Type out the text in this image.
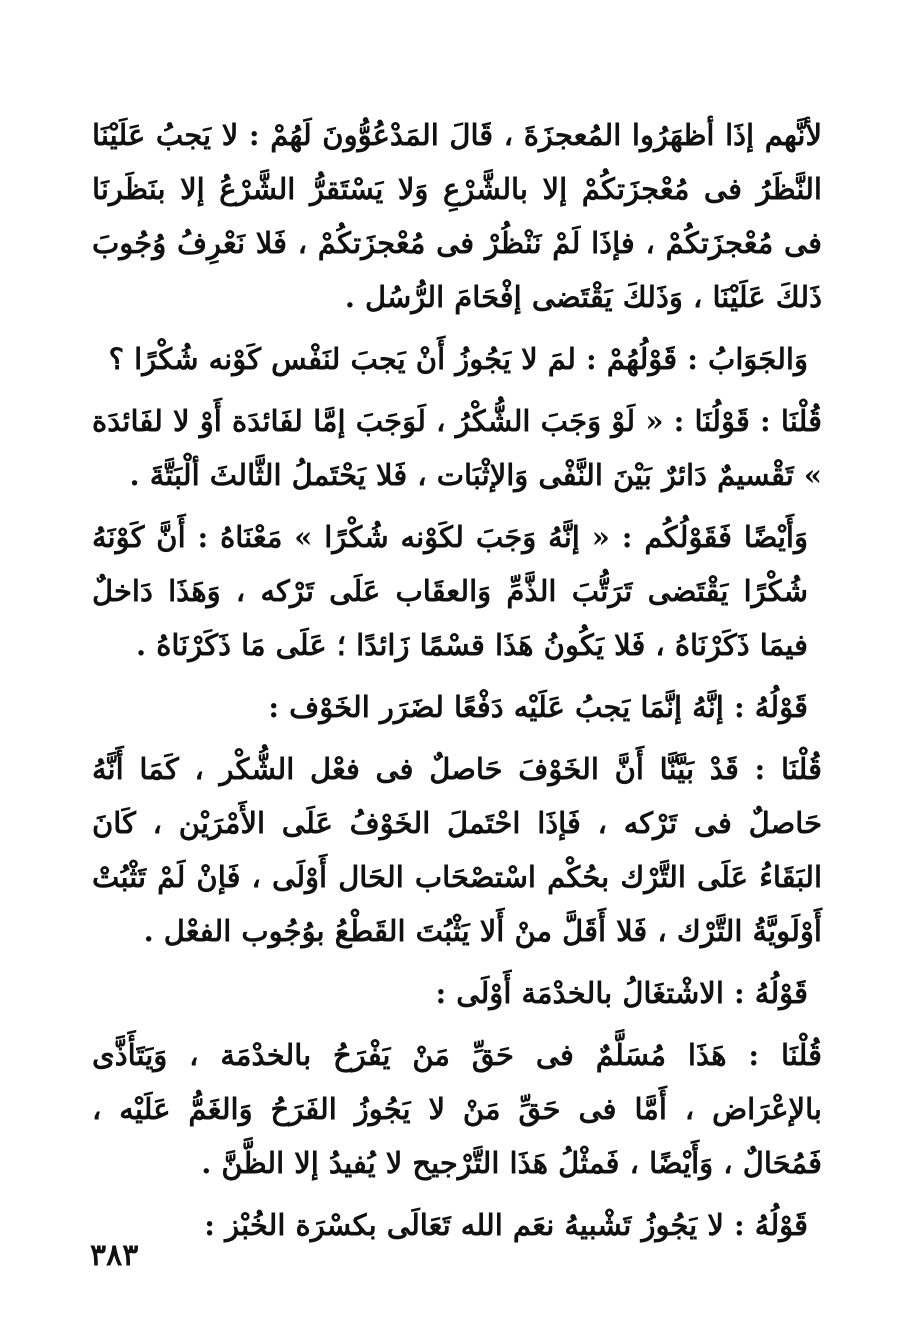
لأنَّهم إذَا أظهَرُوا المُعجزَةَ ، قَالَ المَدْعُوُّونَ لَهُمْ : لا يَجبُ عَلَيْنَا النَّظَرُ فى مُعْجزَتكُمْ إلا بالشَّرْعِ وَلا يَسْتَقرُّ الشَّرْعُ إلا بنَظَرنَا فى مُعْجزَتكُمْ ، فإذَا لَمْ نَنْظُرْ فى مُعْجزَتكُمْ ، فَلا نَعْرِفُ وُجُوبَ ذَلكَ عَلَيْنَا ، وَذَلكَ يَقْتَضى إفْحَامَ الرُّسُل .

وَالجَوَابُ : قَوْلُهُمْ : لمَ لا يَجُوزُ أَنْ يَجبَ لنَفْس كَوْنه شُكْرًا ؟

قُلْنَا : قَوْلُنَا : « لَوْ وَجَبَ الشُّكْرُ ، لَوَجَبَ إمَّا لفَائدَة أَوْ لا لفَائدَة » تَقْسيمٌ دَائرٌ بَيْنَ النَّفْى وَالإثْبَات ، فَلا يَحْتَملُ الثَّالثَ ألْبَتَّةَ .

وَأَيْضًا فَقَوْلُكُم : « إنَّهُ وَجَبَ لكَوْنه شُكْرًا » مَعْنَاهُ : أَنَّ كَوْنَهُ شُكْرًا يَقْتَضى تَرَتُّبَ الذَّمِّ وَالعقَاب عَلَى تَرْكه ، وَهَذَا دَاخلٌ فيمَا ذَكَرْنَاهُ ، فَلا يَكُونُ هَذَا قسْمًا زَائدًا ؛ عَلَى مَا ذَكَرْنَاهُ .

قَوْلُهُ : إنَّهُ إنَّمَا يَجبُ عَلَيْه دَفْعًا لضَرَر الخَوْف :

قُلْنَا : قَدْ بَيَّنَّا أَنَّ الخَوْفَ حَاصلٌ فى فعْل الشُّكْر ، كَمَا أَنَّهُ حَاصلٌ فى تَرْكه ، فَإذَا احْتَملَ الخَوْفُ عَلَى الأَمْرَيْن ، كَانَ البَقَاءُ عَلَى التَّرْك بحُكْم اسْتصْحَاب الحَال أَوْلَى ، فَإنْ لَمْ تَثْبُتْ أَوْلَويَّةُ التَّرْك ، فَلا أَقَلَّ منْ أَلا يَثْبُتَ القَطْعُ بوُجُوب الفعْل .

قَوْلُهُ : الاشْتغَالُ بالخدْمَة أَوْلَى :

قُلْنَا : هَذَا مُسَلَّمٌ فى حَقِّ مَنْ يَفْرَحُ بالخدْمَة ، وَيَتَأَذَّى بالإعْرَاض ، أَمَّا فى حَقِّ مَنْ لا يَجُوزُ الفَرَحُ وَالغَمُّ عَلَيْه ، فَمُحَالٌ ، وَأَيْضًا ، فَمثْلُ هَذَا التَّرْجيح لا يُفيدُ إلا الظَّنَّ .

قَوْلُهُ : لا يَجُوزُ تَشْبيهُ نعَم الله تَعَالَى بكسْرَة الخُبْز :

٣٨٣
